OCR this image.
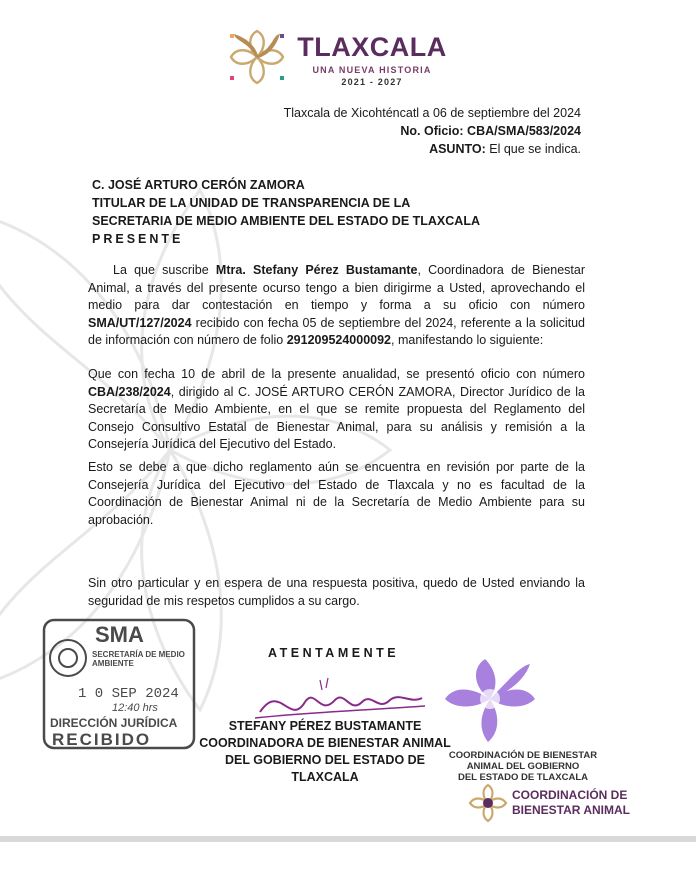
TLAXCALA
UNA NUEVA HISTORIA
2021 - 2027
Tlaxcala de Xicohténcatl a 06 de septiembre del 2024
No. Oficio: CBA/SMA/583/2024
ASUNTO: El que se indica.
C. JOSÉ ARTURO CERÓN ZAMORA
TITULAR DE LA UNIDAD DE TRANSPARENCIA DE LA
SECRETARIA DE MEDIO AMBIENTE DEL ESTADO DE TLAXCALA
PRESENTE
La que suscribe Mtra. Stefany Pérez Bustamante, Coordinadora de Bienestar Animal, a través del presente ocurso tengo a bien dirigirme a Usted, aprovechando el medio para dar contestación en tiempo y forma a su oficio con número SMA/UT/127/2024 recibido con fecha 05 de septiembre del 2024, referente a la solicitud de información con número de folio 291209524000092, manifestando lo siguiente:
Que con fecha 10 de abril de la presente anualidad, se presentó oficio con número CBA/238/2024, dirigido al C. JOSÉ ARTURO CERÓN ZAMORA, Director Jurídico de la Secretaría de Medio Ambiente, en el que se remite propuesta del Reglamento del Consejo Consultivo Estatal de Bienestar Animal, para su análisis y remisión a la Consejería Jurídica del Ejecutivo del Estado.
Esto se debe a que dicho reglamento aún se encuentra en revisión por parte de la Consejería Jurídica del Ejecutivo del Estado de Tlaxcala y no es facultad de la Coordinación de Bienestar Animal ni de la Secretaría de Medio Ambiente para su aprobación.
Sin otro particular y en espera de una respuesta positiva, quedo de Usted enviando la seguridad de mis respetos cumplidos a su cargo.
ATENTAMENTE
STEFANY PÉREZ BUSTAMANTE
COORDINADORA DE BIENESTAR ANIMAL
DEL GOBIERNO DEL ESTADO DE TLAXCALA
SMA
SECRETARÍA DE MEDIO AMBIENTE
1 0 SEP 2024
12:40 hrs
DIRECCIÓN JURÍDICA
RECIBIDO
COORDINACIÓN DE BIENESTAR
ANIMAL DEL GOBIERNO
DEL ESTADO DE TLAXCALA
COORDINACIÓN DE
BIENESTAR ANIMAL
